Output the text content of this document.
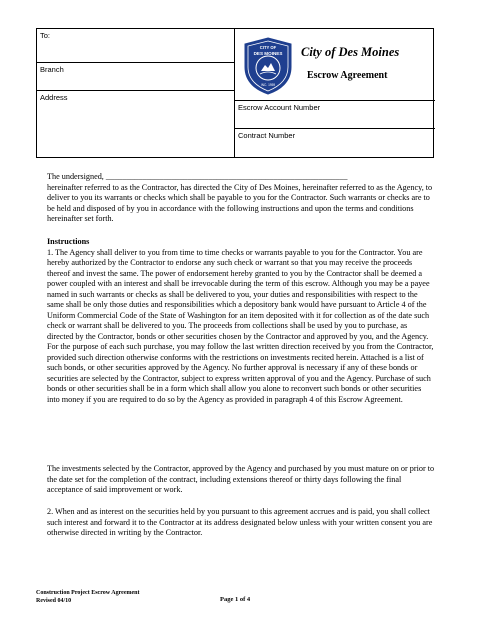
To:
Branch
Address
CITY OF
DES MOINES
INC. 1959
City of Des Moines
Escrow Agreement
Escrow Account Number
Contract Number

The undersigned, ___________________________________________________________

hereinafter referred to as the Contractor, has directed the City of Des Moines, hereinafter referred to as the Agency, to deliver to you its warrants or checks which shall be payable to you for the Contractor. Such warrants or checks are to be held and disposed of by you in accordance with the following instructions and upon the terms and conditions hereinafter set forth.

Instructions

1. The Agency shall deliver to you from time to time checks or warrants payable to you for the Contractor. You are hereby authorized by the Contractor to endorse any such check or warrant so that you may receive the proceeds thereof and invest the same. The power of endorsement hereby granted to you by the Contractor shall be deemed a power coupled with an interest and shall be irrevocable during the term of this escrow. Although you may be a payee named in such warrants or checks as shall be delivered to you, your duties and responsibilities with respect to the same shall be only those duties and responsibilities which a depository bank would have pursuant to Article 4 of the Uniform Commercial Code of the State of Washington for an item deposited with it for collection as of the date such check or warrant shall be delivered to you. The proceeds from collections shall be used by you to purchase, as directed by the Contractor, bonds or other securities chosen by the Contractor and approved by you, and the Agency. For the purpose of each such purchase, you may follow the last written direction received by you from the Contractor, provided such direction otherwise conforms with the restrictions on investments recited herein. Attached is a list of such bonds, or other securities approved by the Agency. No further approval is necessary if any of these bonds or securities are selected by the Contractor, subject to express written approval of you and the Agency. Purchase of such bonds or other securities shall be in a form which shall allow you alone to reconvert such bonds or other securities into money if you are required to do so by the Agency as provided in paragraph 4 of this Escrow Agreement.

The investments selected by the Contractor, approved by the Agency and purchased by you must mature on or prior to the date set for the completion of the contract, including extensions thereof or thirty days following the final acceptance of said improvement or work.

2. When and as interest on the securities held by you pursuant to this agreement accrues and is paid, you shall collect such interest and forward it to the Contractor at its address designated below unless with your written consent you are otherwise directed in writing by the Contractor.

Construction Project Escrow Agreement
Revised 04/10	Page 1 of 4
